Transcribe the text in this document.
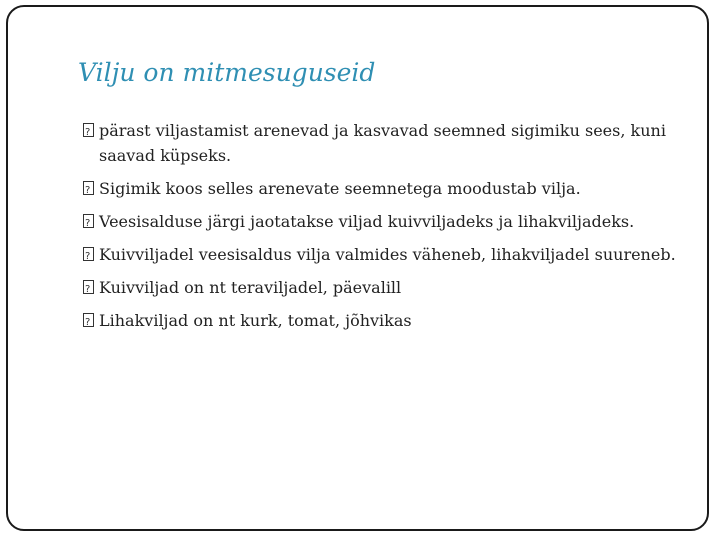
Vilju on mitmesuguseid
?
pärast viljastamist arenevad ja kasvavad seemned sigimiku sees, kuni saavad küpseks.
?
Sigimik koos selles arenevate seemnetega moodustab vilja.
?
Veesisalduse järgi jaotatakse viljad kuivviljadeks ja lihakviljadeks.
?
Kuivviljadel veesisaldus vilja valmides väheneb, lihakviljadel suureneb.
?
Kuivviljad on nt teraviljadel, päevalill
?
Lihakviljad on nt kurk, tomat, jõhvikas
